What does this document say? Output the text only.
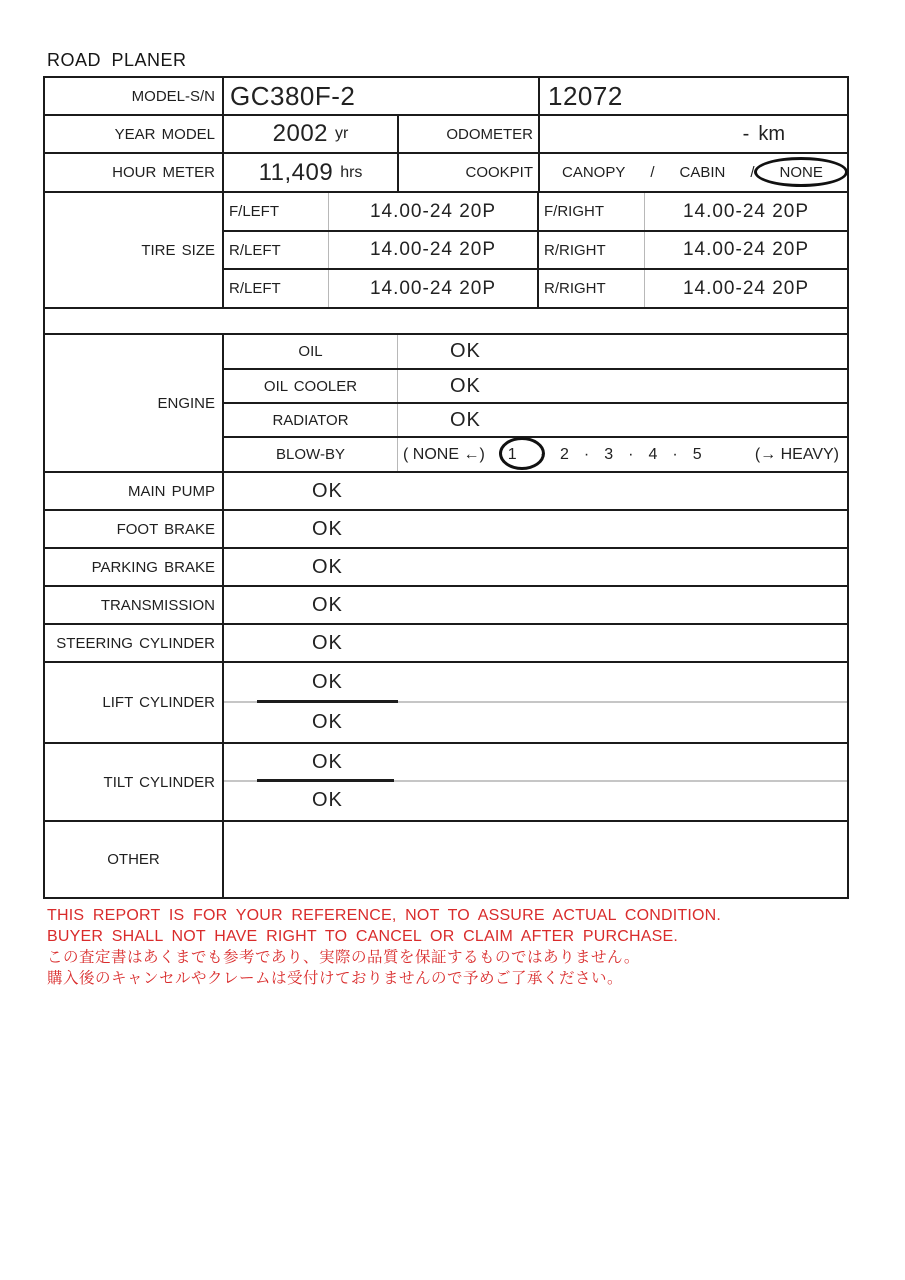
ROAD PLANER
MODEL-S/N GC380F-2	12072
YEAR MODEL 2002 yr	ODOMETER	- km
HOUR METER 11,409 hrs	COOKPIT CANOPY / CABIN / NONE
TIRE SIZE
F/LEFT	14.00-24 20P	F/RIGHT	14.00-24 20P
R/LEFT	14.00-24 20P	R/RIGHT	14.00-24 20P
R/LEFT	14.00-24 20P	R/RIGHT	14.00-24 20P
ENGINE
OIL	OK
OIL COOLER	OK
RADIATOR	OK
BLOW-BY	( NONE ←) 1 · 2 · 3 · 4 · 5	(→ HEAVY)
MAIN PUMP	OK
FOOT BRAKE	OK
PARKING BRAKE	OK
TRANSMISSION	OK
STEERING CYLINDER	OK
LIFT CYLINDER
OK
OK
TILT CYLINDER
OK
OK
OTHER
THIS REPORT IS FOR YOUR REFERENCE, NOT TO ASSURE ACTUAL CONDITION.
BUYER SHALL NOT HAVE RIGHT TO CANCEL OR CLAIM AFTER PURCHASE.
この査定書はあくまでも参考であり、実際の品質を保証するものではありません。
購入後のキャンセルやクレームは受付けておりませんので予めご了承ください。
